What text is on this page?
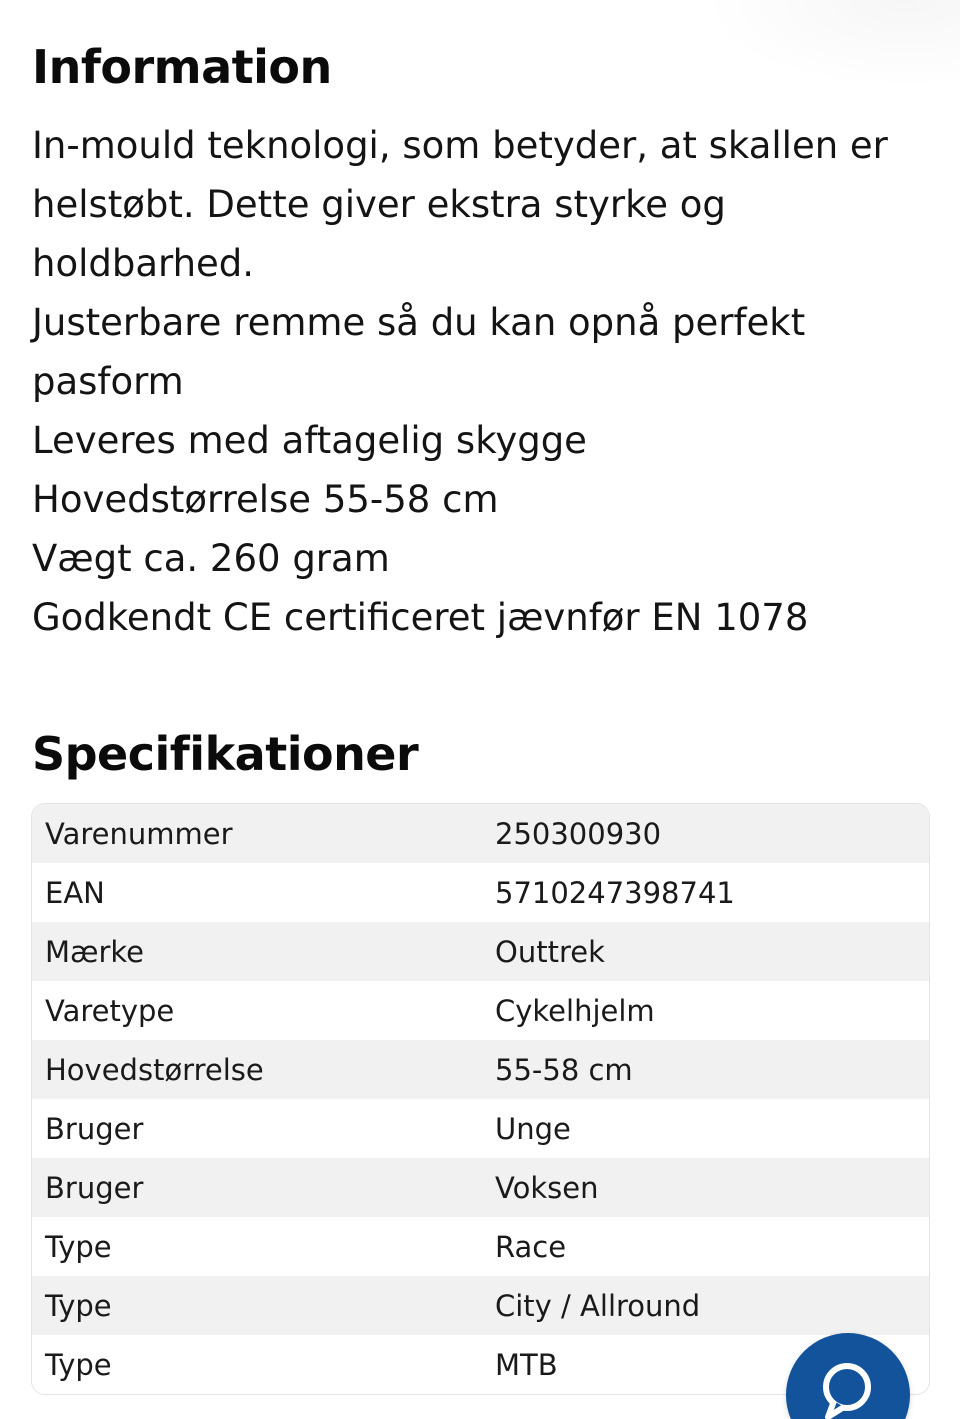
Information
In-mould teknologi, som betyder, at skallen er
helstøbt. Dette giver ekstra styrke og
holdbarhed.
Justerbare remme så du kan opnå perfekt
pasform
Leveres med aftagelig skygge
Hovedstørrelse 55-58 cm
Vægt ca. 260 gram
Godkendt CE certificeret jævnfør EN 1078
Specifikationer
Varenummer	250300930
EAN	5710247398741
Mærke	Outtrek
Varetype	Cykelhjelm
Hovedstørrelse	55-58 cm
Bruger	Unge
Bruger	Voksen
Type	Race
Type	City / Allround
Type	MTB
